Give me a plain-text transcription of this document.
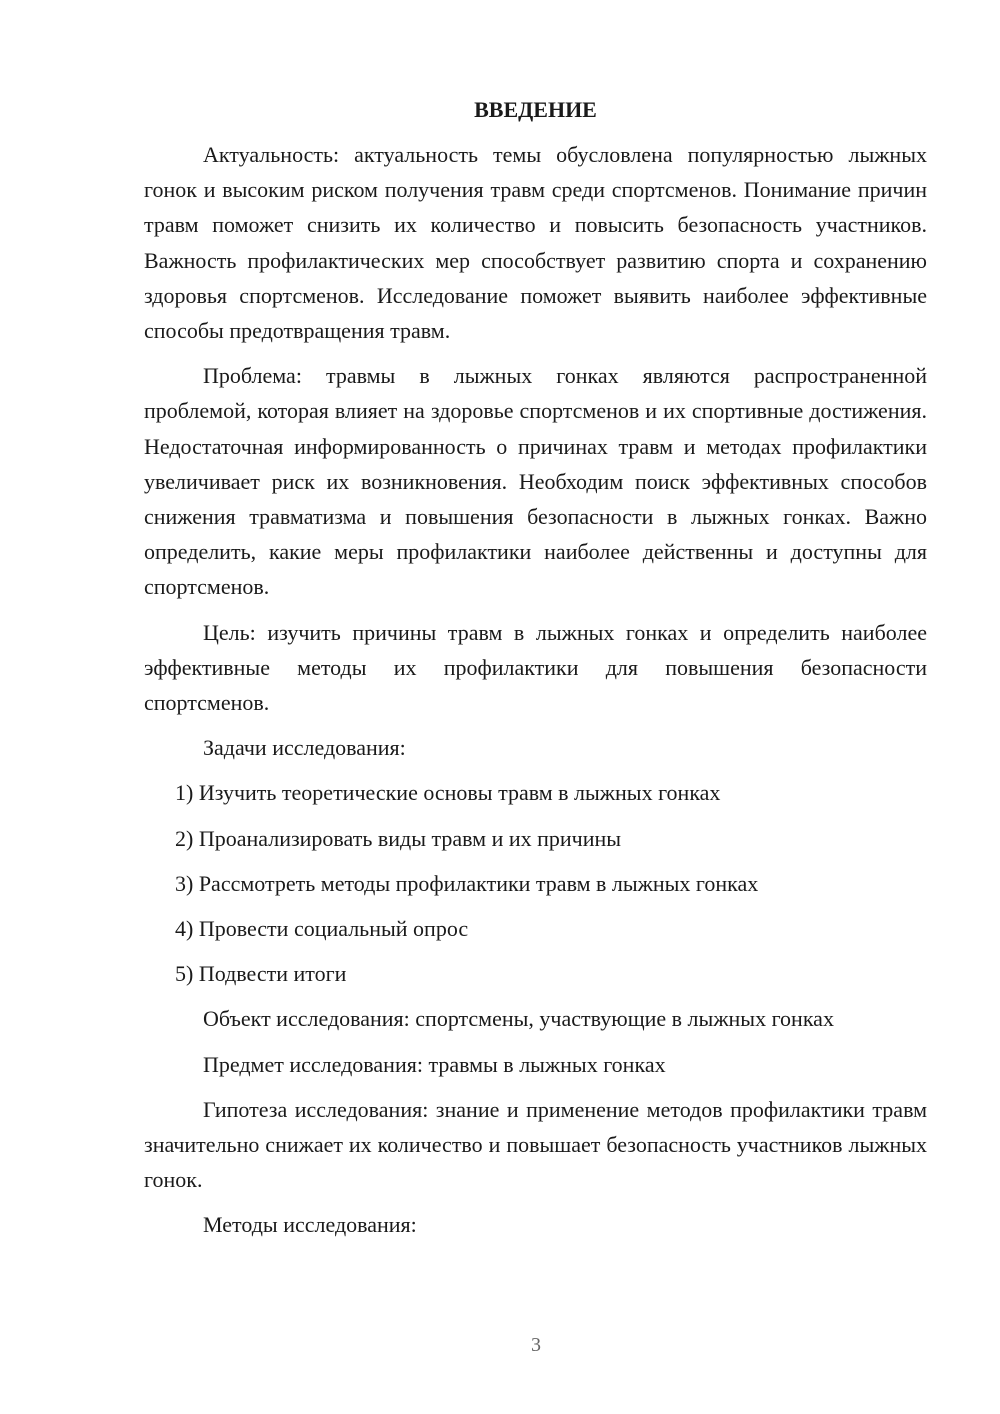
ВВЕДЕНИЕ

Актуальность: актуальность темы обусловлена популярностью лыжных гонок и высоким риском получения травм среди спортсменов. Понимание причин травм поможет снизить их количество и повысить безопасность участников. Важность профилактических мер способствует развитию спорта и сохранению здоровья спортсменов. Исследование поможет выявить наиболее эффективные способы предотвращения травм.

Проблема: травмы в лыжных гонках являются распространенной проблемой, которая влияет на здоровье спортсменов и их спортивные достижения. Недостаточная информированность о причинах травм и методах профилактики увеличивает риск их возникновения. Необходим поиск эффективных способов снижения травматизма и повышения безопасности в лыжных гонках. Важно определить, какие меры профилактики наиболее действенны и доступны для спортсменов.

Цель: изучить причины травм в лыжных гонках и определить наиболее эффективные методы их профилактики для повышения безопасности спортсменов.

Задачи исследования:

1) Изучить теоретические основы травм в лыжных гонках
2) Проанализировать виды травм и их причины
3) Рассмотреть методы профилактики травм в лыжных гонках
4) Провести социальный опрос
5) Подвести итоги

Объект исследования: спортсмены, участвующие в лыжных гонках

Предмет исследования: травмы в лыжных гонках

Гипотеза исследования: знание и применение методов профилактики травм значительно снижает их количество и повышает безопасность участников лыжных гонок.

Методы исследования:

3
